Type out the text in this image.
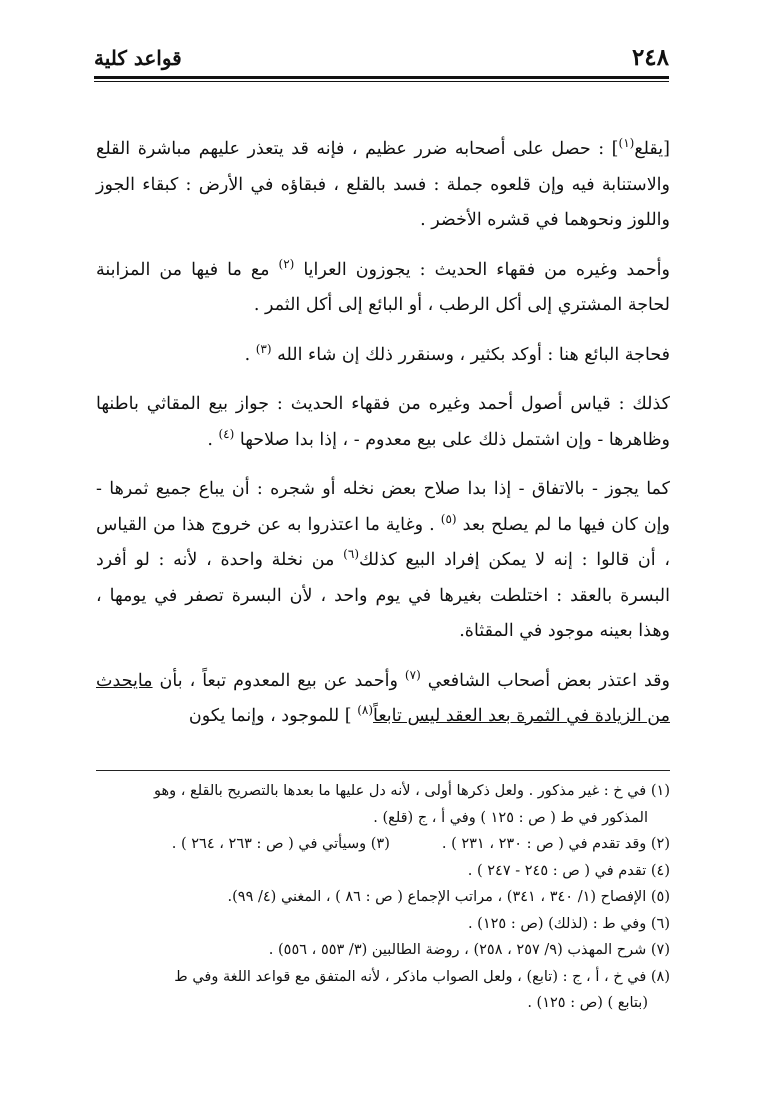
٢٤٨
قواعد كلية

[يقلع$^{(١)}$] : حصل على أصحابه ضرر عظيم ، فإنه قد يتعذر عليهم مباشرة القلع والاستنابة فيه وإن قلعوه جملة : فسد بالقلع ، فبقاؤه في الأرض : كبقاء الجوز واللوز ونحوهما في قشره الأخضر .

وأحمد وغيره من فقهاء الحديث : يجوزون العرايا $^{(٢)}$ مع ما فيها من المزابنة لحاجة المشتري إلى أكل الرطب ، أو البائع إلى أكل الثمر .

فحاجة البائع هنا : أوكد بكثير ، وسنقرر ذلك إن شاء الله $^{(٣)}$ .

كذلك : قياس أصول أحمد وغيره من فقهاء الحديث : جواز بيع المقاثي باطنها وظاهرها - وإن اشتمل ذلك على بيع معدوم - ، إذا بدا صلاحها $^{(٤)}$ .

كما يجوز - بالاتفاق - إذا بدا صلاح بعض نخله أو شجره : أن يباع جميع ثمرها - وإن كان فيها ما لم يصلح بعد $^{(٥)}$ . وغاية ما اعتذروا به عن خروج هذا من القياس ، أن قالوا : إنه لا يمكن إفراد البيع كذلك$^{(٦)}$ من نخلة واحدة ، لأنه : لو أفرد البسرة بالعقد : اختلطت بغيرها في يوم واحد ، لأن البسرة تصفر في يومها ، وهذا بعينه موجود في المقثاة.

وقد اعتذر بعض أصحاب الشافعي $^{(٧)}$ وأحمد عن بيع المعدوم تبعاً ، بأن مايحدث من الزيادة في الثمرة بعد العقد ليس تابعاً$^{(٨)}$ ] للموجود ، وإنما يكون

(١) في خ : غير مذكور . ولعل ذكرها أولى ، لأنه دل عليها ما بعدها بالتصريح بالقلع ، وهو
المذكور في ط ( ص : ١٢٥ ) وفي أ ، ج (قلع) .

(٢) وقد تقدم في ( ص : ٢٣٠ ، ٢٣١ ) .
(٣) وسيأتي في ( ص : ٢٦٣ ، ٢٦٤ ) .

(٤) تقدم في ( ص : ٢٤٥ - ٢٤٧ ) .

(٥) الإفصاح (١/ ٣٤٠ ، ٣٤١) ، مراتب الإجماع ( ص : ٨٦ ) ، المغني (٤/ ٩٩).

(٦) وفي ط : (لذلك) (ص : ١٢٥) .

(٧) شرح المهذب (٩/ ٢٥٧ ، ٢٥٨) ، روضة الطالبين (٣/ ٥٥٣ ، ٥٥٦) .

(٨) في خ ، أ ، ج : (تابع) ، ولعل الصواب ماذكر ، لأنه المتفق مع قواعد اللغة وفي ط
(بتابع ) (ص : ١٢٥) .
